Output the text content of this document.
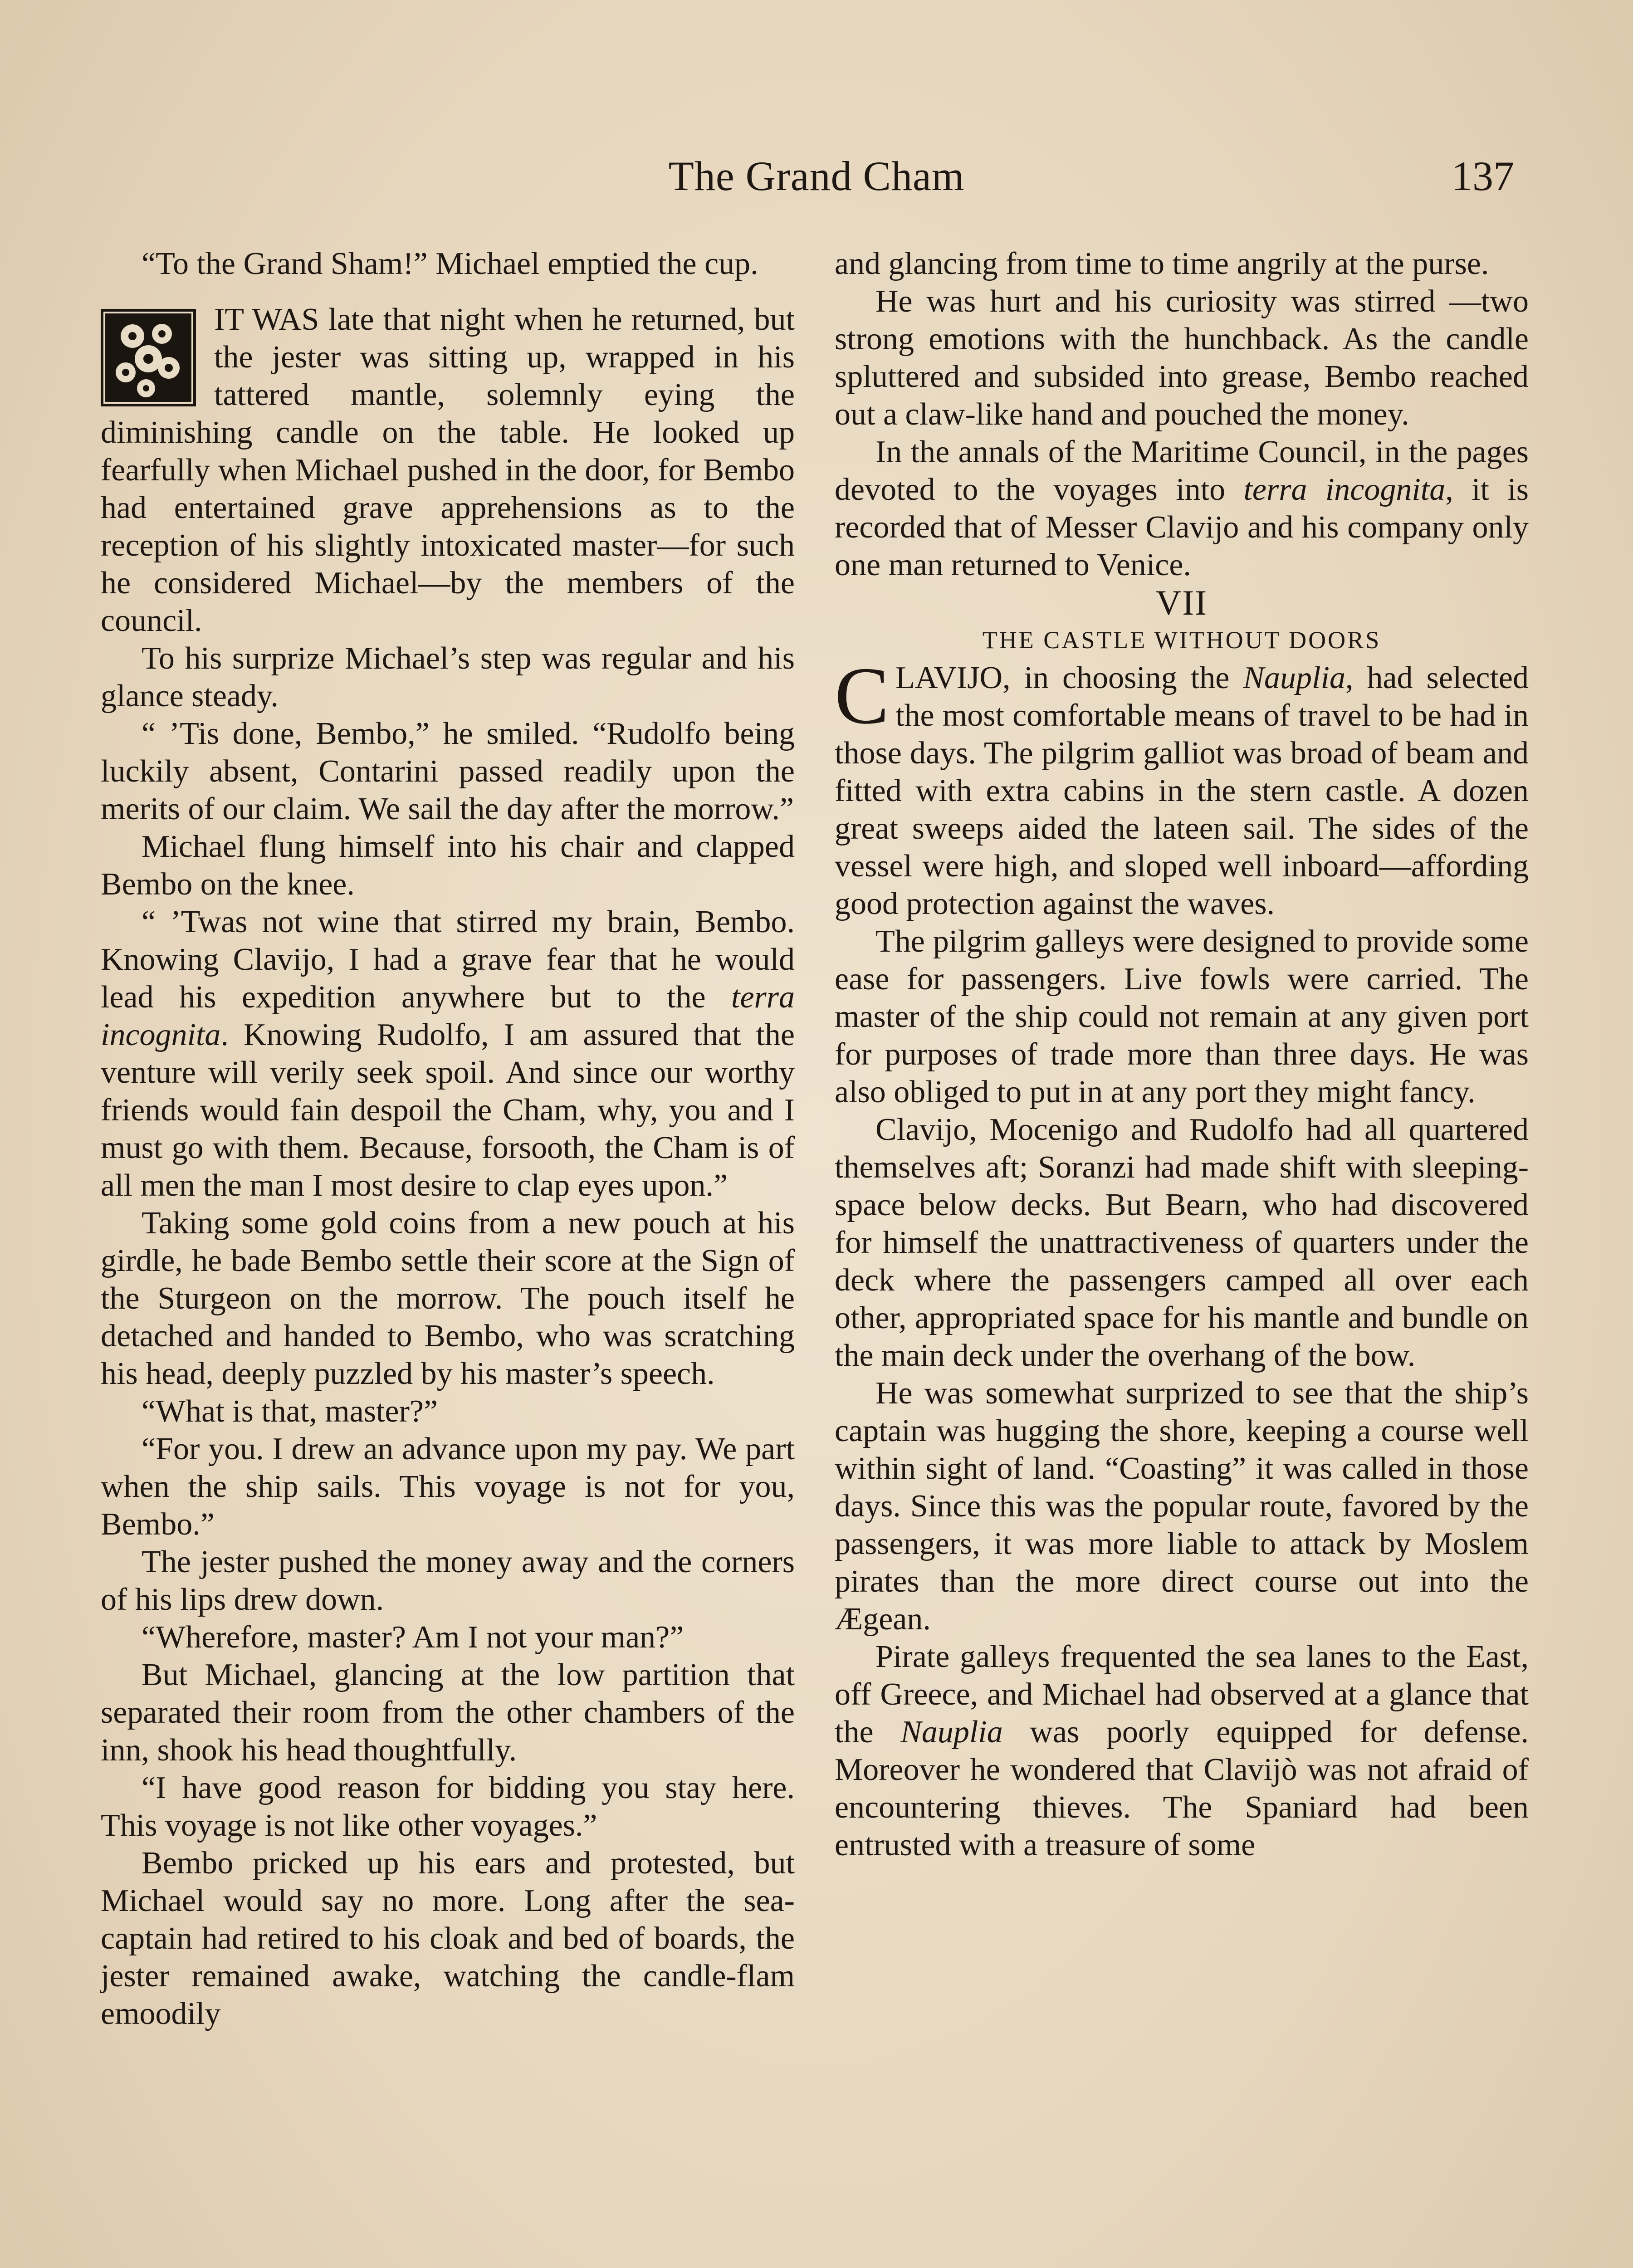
The Grand Cham	137

“To the Grand Sham!” Michael emptied the cup.

IT WAS late that night when he returned, but the jester was sitting up, wrapped in his tattered mantle, solemnly eying the diminishing candle on the table. He looked up fearfully when Michael pushed in the door, for Bembo had entertained grave apprehensions as to the reception of his slightly intoxicated master—for such he considered Michael—by the members of the council.

To his surprize Michael’s step was regular and his glance steady.

“ ’Tis done, Bembo,” he smiled. “Rudolfo being luckily absent, Contarini passed readily upon the merits of our claim. We sail the day after the morrow.”

Michael flung himself into his chair and clapped Bembo on the knee.

“ ’Twas not wine that stirred my brain, Bembo. Knowing Clavijo, I had a grave fear that he would lead his expedition anywhere but to the terra incognita. Knowing Rudolfo, I am assured that the venture will verily seek spoil. And since our worthy friends would fain despoil the Cham, why, you and I must go with them. Because, forsooth, the Cham is of all men the man I most desire to clap eyes upon.”

Taking some gold coins from a new pouch at his girdle, he bade Bembo settle their score at the Sign of the Sturgeon on the morrow. The pouch itself he detached and handed to Bembo, who was scratching his head, deeply puzzled by his master’s speech.

“What is that, master?”

“For you. I drew an advance upon my pay. We part when the ship sails. This voyage is not for you, Bembo.”

The jester pushed the money away and the corners of his lips drew down.

“Wherefore, master? Am I not your man?”

But Michael, glancing at the low partition that separated their room from the other chambers of the inn, shook his head thoughtfully.

“I have good reason for bidding you stay here. This voyage is not like other voyages.”

Bembo pricked up his ears and protested, but Michael would say no more. Long after the sea-captain had retired to his cloak and bed of boards, the jester remained awake, watching the candle-flam emoodily

and glancing from time to time angrily at the purse.

He was hurt and his curiosity was stirred —two strong emotions with the hunchback. As the candle spluttered and subsided into grease, Bembo reached out a claw-like hand and pouched the money.

In the annals of the Maritime Council, in the pages devoted to the voyages into terra incognita, it is recorded that of Messer Clavijo and his company only one man returned to Venice.

VII

THE CASTLE WITHOUT DOORS

CLAVIJO, in choosing the Nauplia, had selected the most comfortable means of travel to be had in those days. The pilgrim galliot was broad of beam and fitted with extra cabins in the stern castle. A dozen great sweeps aided the lateen sail. The sides of the vessel were high, and sloped well inboard—affording good protection against the waves.

The pilgrim galleys were designed to provide some ease for passengers. Live fowls were carried. The master of the ship could not remain at any given port for purposes of trade more than three days. He was also obliged to put in at any port they might fancy.

Clavijo, Mocenigo and Rudolfo had all quartered themselves aft; Soranzi had made shift with sleeping-space below decks. But Bearn, who had discovered for himself the unattractiveness of quarters under the deck where the passengers camped all over each other, appropriated space for his mantle and bundle on the main deck under the overhang of the bow.

He was somewhat surprized to see that the ship’s captain was hugging the shore, keeping a course well within sight of land. “Coasting” it was called in those days. Since this was the popular route, favored by the passengers, it was more liable to attack by Moslem pirates than the more direct course out into the Ægean.

Pirate galleys frequented the sea lanes to the East, off Greece, and Michael had observed at a glance that the Nauplia was poorly equipped for defense. Moreover he wondered that Clavijò was not afraid of encountering thieves. The Spaniard had been entrusted with a treasure of some
